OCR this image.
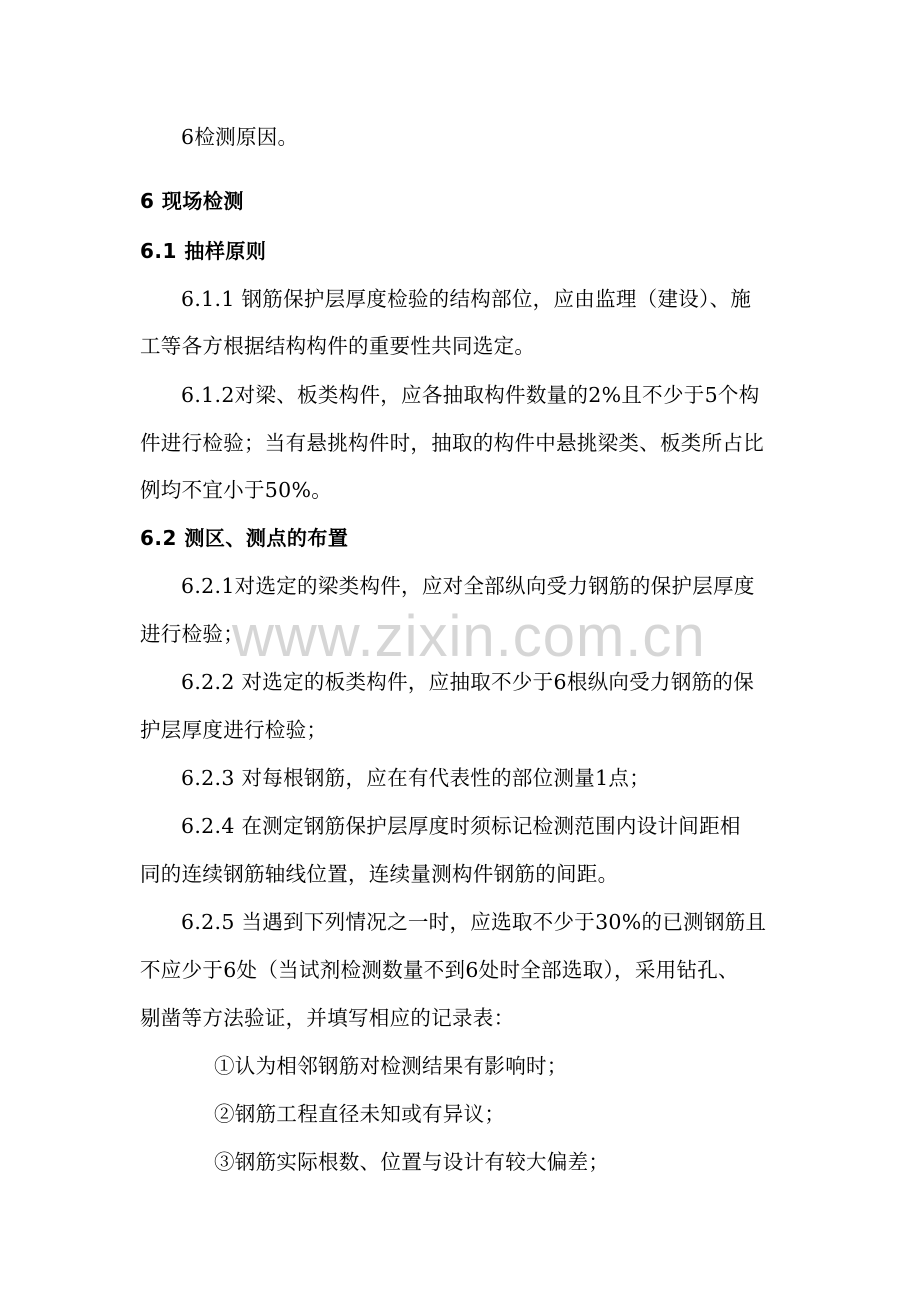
6检测原因。
6 现场检测
6.1 抽样原则
6.1.1 钢筋保护层厚度检验的结构部位，应由监理（建设）、施
工等各方根据结构构件的重要性共同选定。
6.1.2对梁、板类构件，应各抽取构件数量的2%且不少于5个构
件进行检验；当有悬挑构件时，抽取的构件中悬挑梁类、板类所占比
例均不宜小于50%。
6.2 测区、测点的布置
6.2.1对选定的梁类构件，应对全部纵向受力钢筋的保护层厚度
进行检验；
6.2.2 对选定的板类构件，应抽取不少于6根纵向受力钢筋的保
护层厚度进行检验；
6.2.3 对每根钢筋，应在有代表性的部位测量1点；
6.2.4 在测定钢筋保护层厚度时须标记检测范围内设计间距相
同的连续钢筋轴线位置，连续量测构件钢筋的间距。
6.2.5 当遇到下列情况之一时，应选取不少于30%的已测钢筋且
不应少于6处（当试剂检测数量不到6处时全部选取），采用钻孔、
剔凿等方法验证，并填写相应的记录表：
①认为相邻钢筋对检测结果有影响时；
②钢筋工程直径未知或有异议；
③钢筋实际根数、位置与设计有较大偏差；
www.zixin.com.cn
